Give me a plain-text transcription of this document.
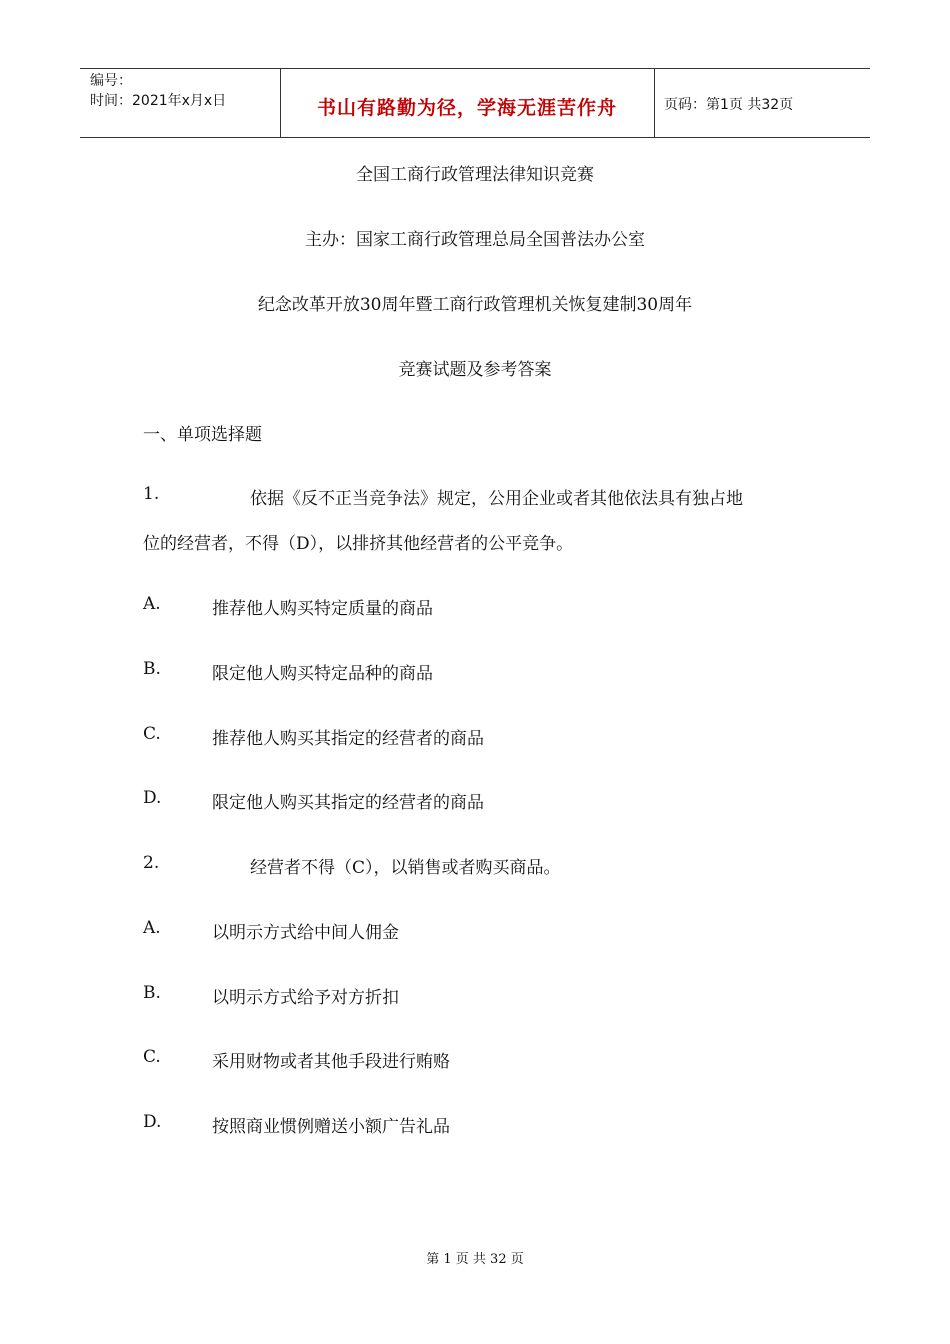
编号：
时间：2021年x月x日	书山有路勤为径，学海无涯苦作舟	页码：第1页 共32页
全国工商行政管理法律知识竞赛
主办：国家工商行政管理总局全国普法办公室
纪念改革开放30周年暨工商行政管理机关恢复建制30周年
竞赛试题及参考答案
一、单项选择题
1.	依据《反不正当竞争法》规定，公用企业或者其他依法具有独占地
位的经营者，不得（D），以排挤其他经营者的公平竞争。
A.	推荐他人购买特定质量的商品
B.	限定他人购买特定品种的商品
C.	推荐他人购买其指定的经营者的商品
D.	限定他人购买其指定的经营者的商品
2.	经营者不得（C），以销售或者购买商品。
A.	以明示方式给中间人佣金
B.	以明示方式给予对方折扣
C.	采用财物或者其他手段进行贿赂
D.	按照商业惯例赠送小额广告礼品
第 1 页 共 32 页
